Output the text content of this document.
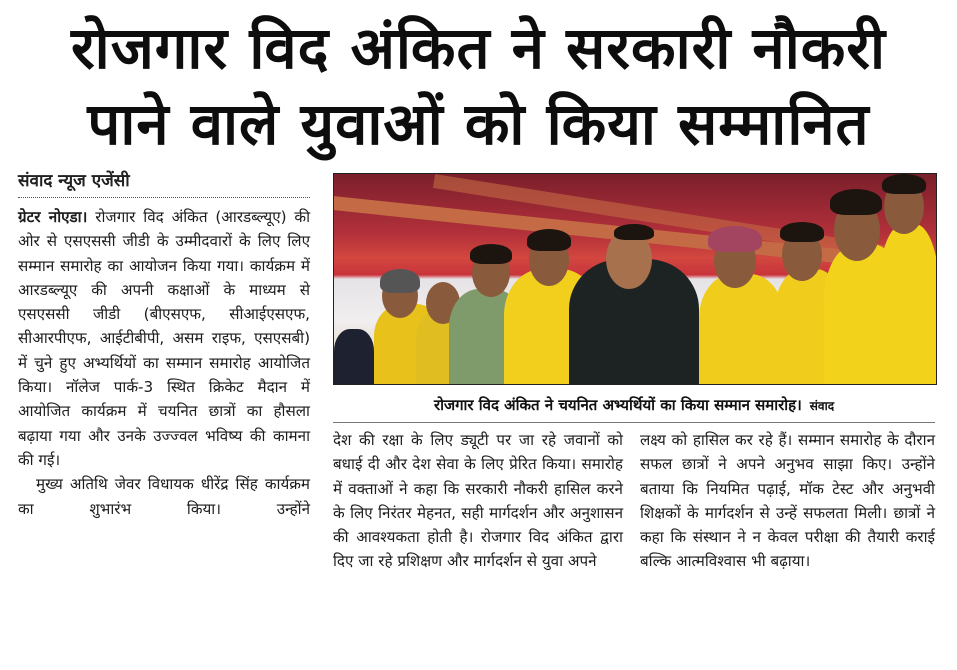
रोजगार विद अंकित ने सरकारी नौकरी
पाने वाले युवाओं को किया सम्मानित
संवाद न्यूज एजेंसी

ग्रेटर नोएडा। रोजगार विद अंकित (आरडब्ल्यूए) की ओर से एसएससी जीडी के उम्मीदवारों के लिए लिए सम्मान समारोह का आयोजन किया गया। कार्यक्रम में आरडब्ल्यूए की अपनी कक्षाओं के माध्यम से एसएससी जीडी (बीएसएफ, सीआईएसएफ, सीआरपीएफ, आईटीबीपी, असम राइफ, एसएसबी) में चुने हुए अभ्यर्थियों का सम्मान समारोह आयोजित किया। नॉलेज पार्क-3 स्थित क्रिकेट मैदान में आयोजित कार्यक्रम में चयनित छात्रों का हौसला बढ़ाया गया और उनके उज्ज्वल भविष्य की कामना की गई।

मुख्य अतिथि जेवर विधायक धीरेंद्र सिंह कार्यक्रम का शुभारंभ किया। उन्होंने

रोजगार विद अंकित ने चयनित अभ्यर्थियों का किया सम्मान समारोह। संवाद

देश की रक्षा के लिए ड्यूटी पर जा रहे जवानों को बधाई दी और देश सेवा के लिए प्रेरित किया। समारोह में वक्ताओं ने कहा कि सरकारी नौकरी हासिल करने के लिए निरंतर मेहनत, सही मार्गदर्शन और अनुशासन की आवश्यकता होती है। रोजगार विद अंकित द्वारा दिए जा रहे प्रशिक्षण और मार्गदर्शन से युवा अपने

लक्ष्य को हासिल कर रहे हैं। सम्मान समारोह के दौरान सफल छात्रों ने अपने अनुभव साझा किए। उन्होंने बताया कि नियमित पढ़ाई, मॉक टेस्ट और अनुभवी शिक्षकों के मार्गदर्शन से उन्हें सफलता मिली। छात्रों ने कहा कि संस्थान ने न केवल परीक्षा की तैयारी कराई बल्कि आत्मविश्वास भी बढ़ाया।
